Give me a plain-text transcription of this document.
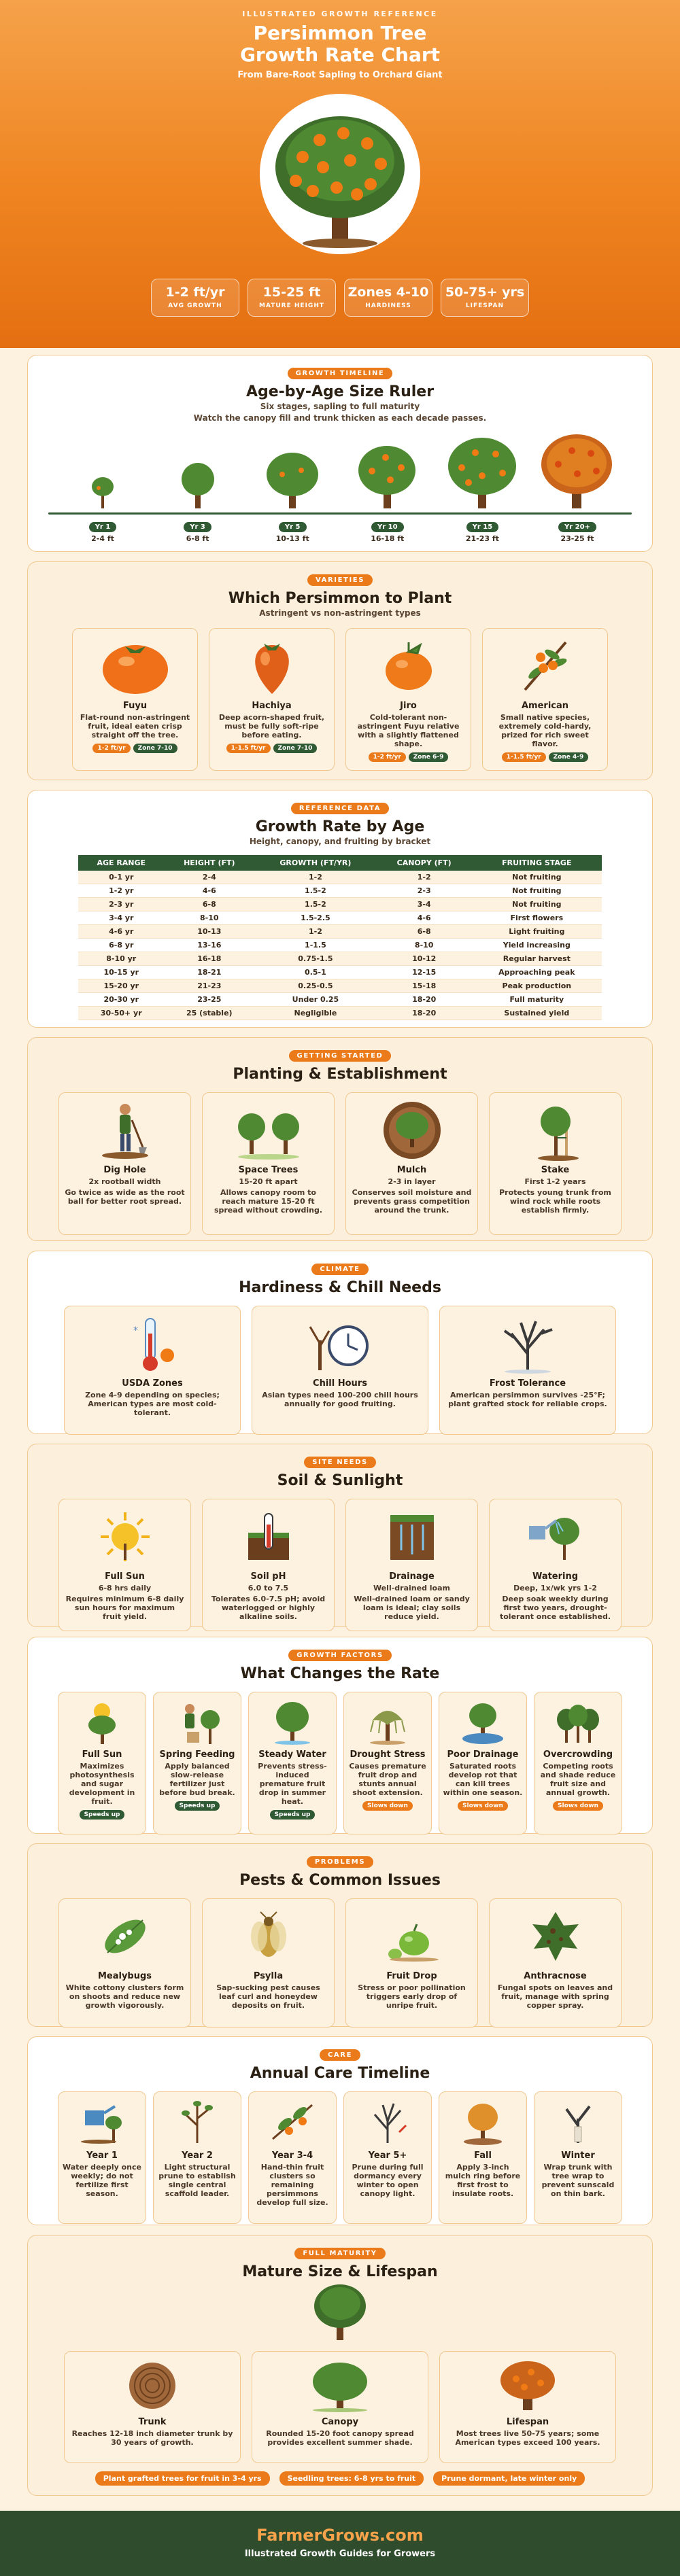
ILLUSTRATED GROWTH REFERENCE
Persimmon Tree
Growth Rate Chart
From Bare-Root Sapling to Orchard Giant
1-2 ft/yr
AVG GROWTH
15-25 ft
MATURE HEIGHT
Zones 4-10
HARDINESS
50-75+ yrs
LIFESPAN
GROWTH TIMELINE
Age-by-Age Size Ruler
Six stages, sapling to full maturity
Watch the canopy fill and trunk thicken as each decade passes.
Yr 1
2-4 ft
Yr 3
6-8 ft
Yr 5
10-13 ft
Yr 10
16-18 ft
Yr 15
21-23 ft
Yr 20+
23-25 ft
VARIETIES
Which Persimmon to Plant
Astringent vs non-astringent types
Fuyu
Flat-round non-astringent fruit, ideal eaten crisp straight off the tree.
1-2 ft/yr Zone 7-10
Hachiya
Deep acorn-shaped fruit, must be fully soft-ripe before eating.
1-1.5 ft/yr Zone 7-10
Jiro
Cold-tolerant non-astringent Fuyu relative with a slightly flattened shape.
1-2 ft/yr Zone 6-9
American
Small native species, extremely cold-hardy, prized for rich sweet flavor.
1-1.5 ft/yr Zone 4-9
REFERENCE DATA
Growth Rate by Age
Height, canopy, and fruiting by bracket
AGE RANGE	HEIGHT (FT)	GROWTH (FT/YR)	CANOPY (FT)	FRUITING STAGE
0-1 yr	2-4	1-2	1-2	Not fruiting
1-2 yr	4-6	1.5-2	2-3	Not fruiting
2-3 yr	6-8	1.5-2	3-4	Not fruiting
3-4 yr	8-10	1.5-2.5	4-6	First flowers
4-6 yr	10-13	1-2	6-8	Light fruiting
6-8 yr	13-16	1-1.5	8-10	Yield increasing
8-10 yr	16-18	0.75-1.5	10-12	Regular harvest
10-15 yr	18-21	0.5-1	12-15	Approaching peak
15-20 yr	21-23	0.25-0.5	15-18	Peak production
20-30 yr	23-25	Under 0.25	18-20	Full maturity
30-50+ yr	25 (stable)	Negligible	18-20	Sustained yield
GETTING STARTED
Planting & Establishment
Dig Hole
2x rootball width
Go twice as wide as the root ball for better root spread.
Space Trees
15-20 ft apart
Allows canopy room to reach mature 15-20 ft spread without crowding.
Mulch
2-3 in layer
Conserves soil moisture and prevents grass competition around the trunk.
Stake
First 1-2 years
Protects young trunk from wind rock while roots establish firmly.
CLIMATE
Hardiness & Chill Needs
*
USDA Zones
Zone 4-9 depending on species; American types are most cold-tolerant.
Chill Hours
Asian types need 100-200 chill hours annually for good fruiting.
Frost Tolerance
American persimmon survives -25°F; plant grafted stock for reliable crops.
SITE NEEDS
Soil & Sunlight
Full Sun
6-8 hrs daily
Requires minimum 6-8 daily sun hours for maximum fruit yield.
Soil pH
6.0 to 7.5
Tolerates 6.0-7.5 pH; avoid waterlogged or highly alkaline soils.
Drainage
Well-drained loam
Well-drained loam or sandy loam is ideal; clay soils reduce yield.
Watering
Deep, 1x/wk yrs 1-2
Deep soak weekly during first two years, drought-tolerant once established.
GROWTH FACTORS
What Changes the Rate
Full Sun
Maximizes photosynthesis and sugar development in fruit.
Speeds up
Spring Feeding
Apply balanced slow-release fertilizer just before bud break.
Speeds up
Steady Water
Prevents stress-induced premature fruit drop in summer heat.
Speeds up
Drought Stress
Causes premature fruit drop and stunts annual shoot extension.
Slows down
Poor Drainage
Saturated roots develop rot that can kill trees within one season.
Slows down
Overcrowding
Competing roots and shade reduce fruit size and annual growth.
Slows down
PROBLEMS
Pests & Common Issues
Mealybugs
White cottony clusters form on shoots and reduce new growth vigorously.
Psylla
Sap-sucking pest causes leaf curl and honeydew deposits on fruit.
Fruit Drop
Stress or poor pollination triggers early drop of unripe fruit.
Anthracnose
Fungal spots on leaves and fruit, manage with spring copper spray.
CARE
Annual Care Timeline
Year 1
Water deeply once weekly; do not fertilize first season.
Year 2
Light structural prune to establish single central scaffold leader.
Year 3-4
Hand-thin fruit clusters so remaining persimmons develop full size.
Year 5+
Prune during full dormancy every winter to open canopy light.
Fall
Apply 3-inch mulch ring before first frost to insulate roots.
Winter
Wrap trunk with tree wrap to prevent sunscald on thin bark.
FULL MATURITY
Mature Size & Lifespan
Trunk
Reaches 12-18 inch diameter trunk by 30 years of growth.
Canopy
Rounded 15-20 foot canopy spread provides excellent summer shade.
Lifespan
Most trees live 50-75 years; some American types exceed 100 years.
Plant grafted trees for fruit in 3-4 yrs	Seedling trees: 6-8 yrs to fruit	Prune dormant, late winter only
FarmerGrows.com
Illustrated Growth Guides for Growers
